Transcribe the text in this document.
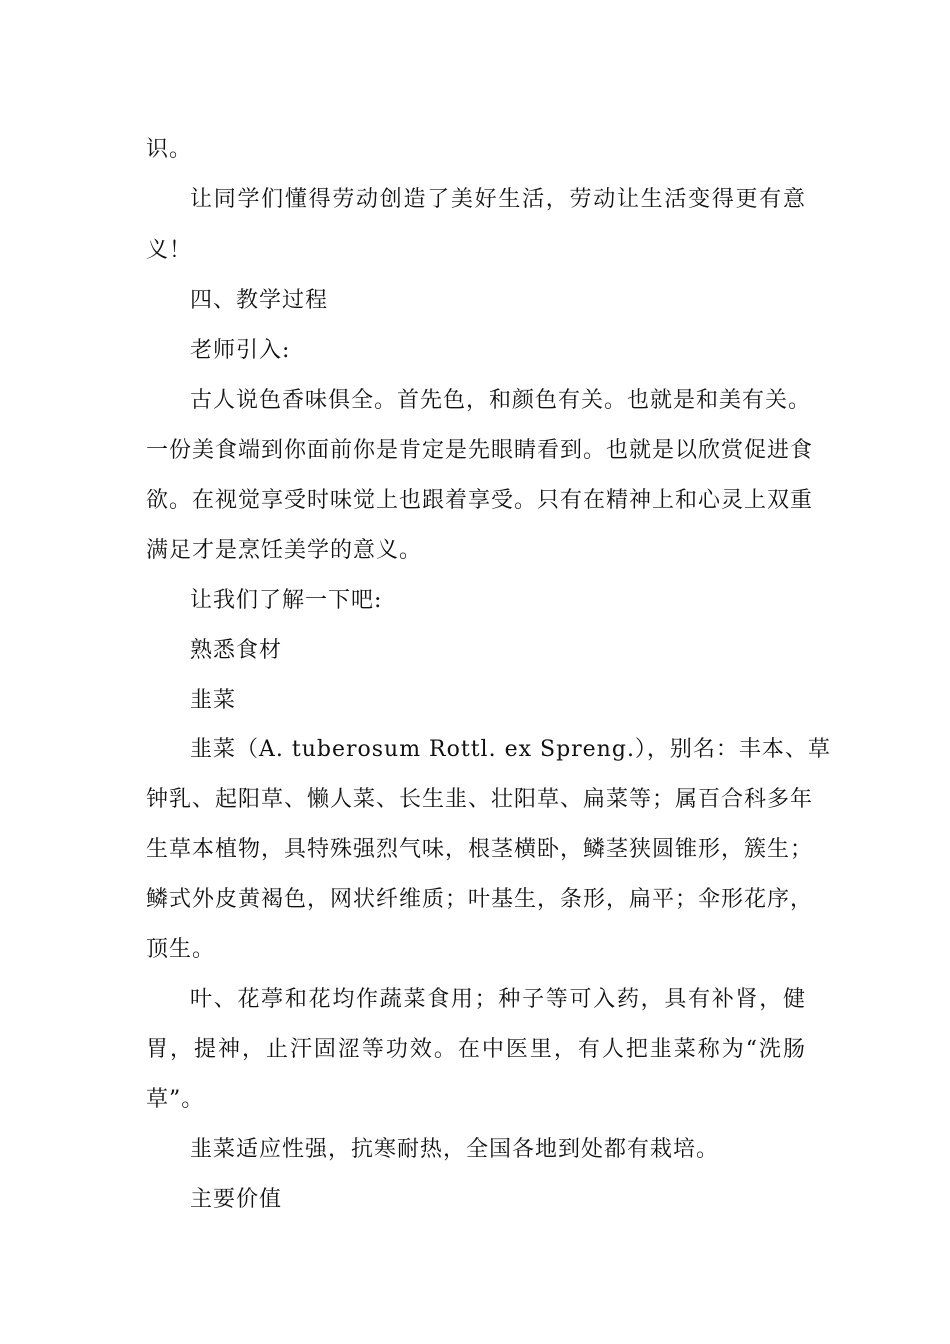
识。
让同学们懂得劳动创造了美好生活，劳动让生活变得更有意
义！
四、教学过程
老师引入:
古人说色香味俱全。首先色，和颜色有关。也就是和美有关。
一份美食端到你面前你是肯定是先眼睛看到。也就是以欣赏促进食
欲。在视觉享受时味觉上也跟着享受。只有在精神上和心灵上双重
满足才是烹饪美学的意义。
让我们了解一下吧:
熟悉食材
韭菜
韭菜（A. tuberosum Rottl. ex Spreng.），别名：丰本、草
钟乳、起阳草、懒人菜、长生韭、壮阳草、扁菜等；属百合科多年
生草本植物，具特殊强烈气味，根茎横卧，鳞茎狭圆锥形，簇生；
鳞式外皮黄褐色，网状纤维质；叶基生，条形，扁平；伞形花序，
顶生。
叶、花葶和花均作蔬菜食用；种子等可入药，具有补肾，健
胃，提神，止汗固涩等功效。在中医里，有人把韭菜称为“洗肠
草”。
韭菜适应性强，抗寒耐热，全国各地到处都有栽培。
主要价值
